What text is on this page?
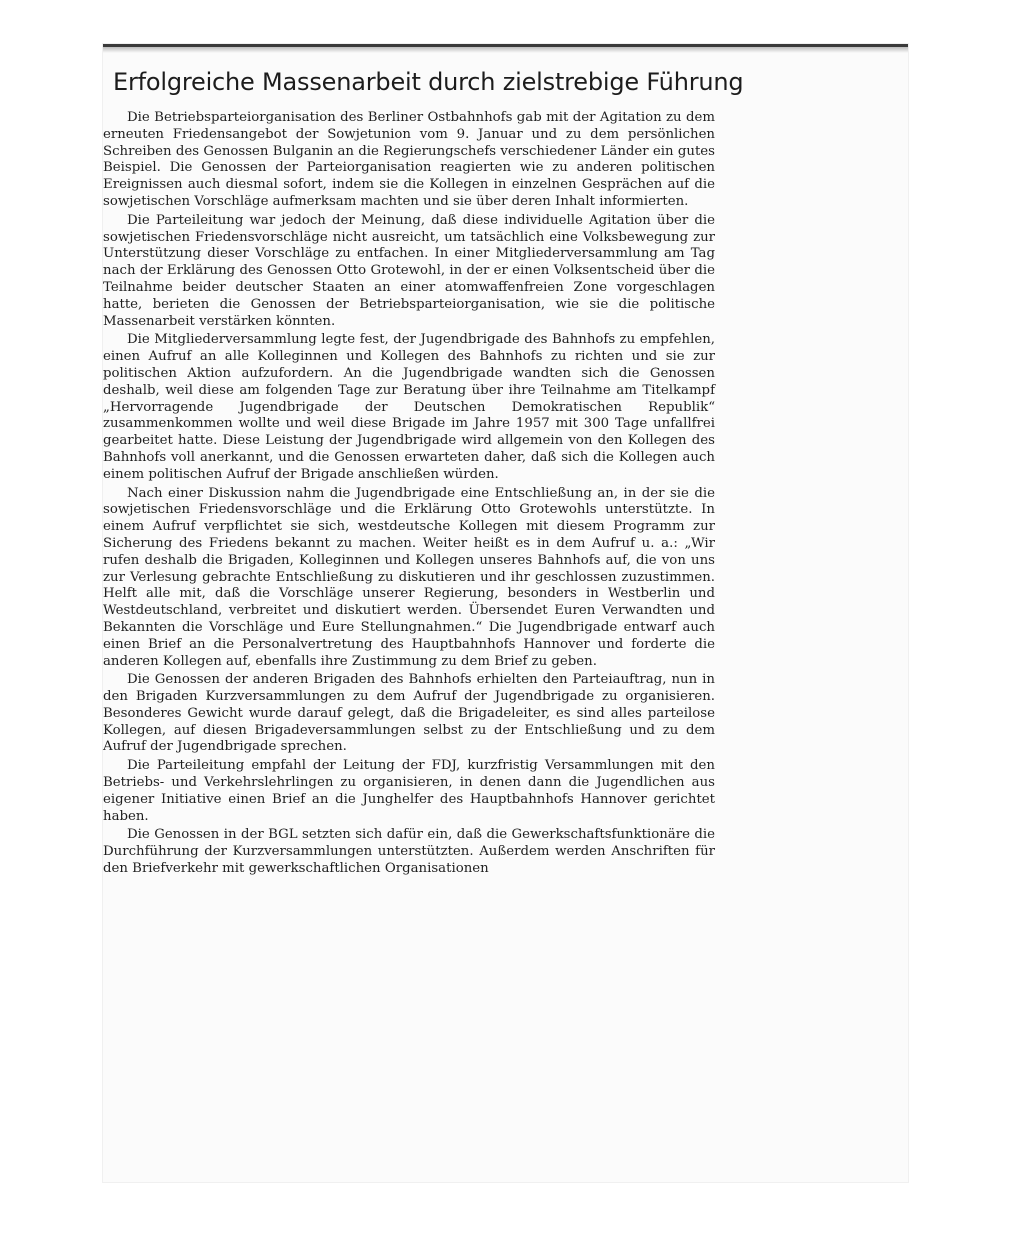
Erfolgreiche Massenarbeit durch zielstrebige Führung

Die Betriebsparteiorganisation des Berliner Ostbahnhofs gab mit der Agitation zu dem erneuten Friedensangebot der Sowjetunion vom 9. Januar und zu dem persönlichen Schreiben des Genossen Bulganin an die Regierungschefs verschiedener Länder ein gutes Beispiel. Die Genossen der Parteiorganisation reagierten wie zu anderen politischen Ereignissen auch diesmal sofort, indem sie die Kollegen in einzelnen Gesprächen auf die sowjetischen Vorschläge aufmerksam machten und sie über deren Inhalt informierten.

Die Parteileitung war jedoch der Meinung, daß diese individuelle Agitation über die sowjetischen Friedensvorschläge nicht ausreicht, um tatsächlich eine Volksbewegung zur Unterstützung dieser Vorschläge zu entfachen. In einer Mitgliederversammlung am Tag nach der Erklärung des Genossen Otto Grotewohl, in der er einen Volksentscheid über die Teilnahme beider deutscher Staaten an einer atomwaffenfreien Zone vorgeschlagen hatte, berieten die Genossen der Betriebsparteiorganisation, wie sie die politische Massenarbeit verstärken könnten.

Die Mitgliederversammlung legte fest, der Jugendbrigade des Bahnhofs zu empfehlen, einen Aufruf an alle Kolleginnen und Kollegen des Bahnhofs zu richten und sie zur politischen Aktion aufzufordern. An die Jugendbrigade wandten sich die Genossen deshalb, weil diese am folgenden Tage zur Beratung über ihre Teilnahme am Titelkampf „Hervorragende Jugendbrigade der Deutschen Demokratischen Republik“ zusammenkommen wollte und weil diese Brigade im Jahre 1957 mit 300 Tage unfallfrei gearbeitet hatte. Diese Leistung der Jugendbrigade wird allgemein von den Kollegen des Bahnhofs voll anerkannt, und die Genossen erwarteten daher, daß sich die Kollegen auch einem politischen Aufruf der Brigade anschließen würden.

Nach einer Diskussion nahm die Jugendbrigade eine Entschließung an, in der sie die sowjetischen Friedensvorschläge und die Erklärung Otto Grotewohls unterstützte. In einem Aufruf verpflichtet sie sich, westdeutsche Kollegen mit diesem Programm zur Sicherung des Friedens bekannt zu machen. Weiter heißt es in dem Aufruf u. a.: „Wir rufen deshalb die Brigaden, Kolleginnen und Kollegen unseres Bahnhofs auf, die von uns zur Verlesung gebrachte Entschließung zu diskutieren und ihr geschlossen zuzustimmen. Helft alle mit, daß die Vorschläge unserer Regierung, besonders in Westberlin und Westdeutschland, verbreitet und diskutiert werden. Übersendet Euren Verwandten und Bekannten die Vorschläge und Eure Stellungnahmen.“ Die Jugendbrigade entwarf auch einen Brief an die Personalvertretung des Hauptbahnhofs Hannover und forderte die anderen Kollegen auf, ebenfalls ihre Zustimmung zu dem Brief zu geben.

Die Genossen der anderen Brigaden des Bahnhofs erhielten den Parteiauftrag, nun in den Brigaden Kurzversammlungen zu dem Aufruf der Jugendbrigade zu organisieren. Besonderes Gewicht wurde darauf gelegt, daß die Brigadeleiter, es sind alles parteilose Kollegen, auf diesen Brigadeversammlungen selbst zu der Entschließung und zu dem Aufruf der Jugendbrigade sprechen.

Die Parteileitung empfahl der Leitung der FDJ, kurzfristig Versammlungen mit den Betriebs- und Verkehrslehrlingen zu organisieren, in denen dann die Jugendlichen aus eigener Initiative einen Brief an die Junghelfer des Hauptbahnhofs Hannover gerichtet haben.

Die Genossen in der BGL setzten sich dafür ein, daß die Gewerkschaftsfunktionäre die Durchführung der Kurzversammlungen unterstützten. Außerdem werden Anschriften für den Briefverkehr mit gewerkschaftlichen Organisationen
